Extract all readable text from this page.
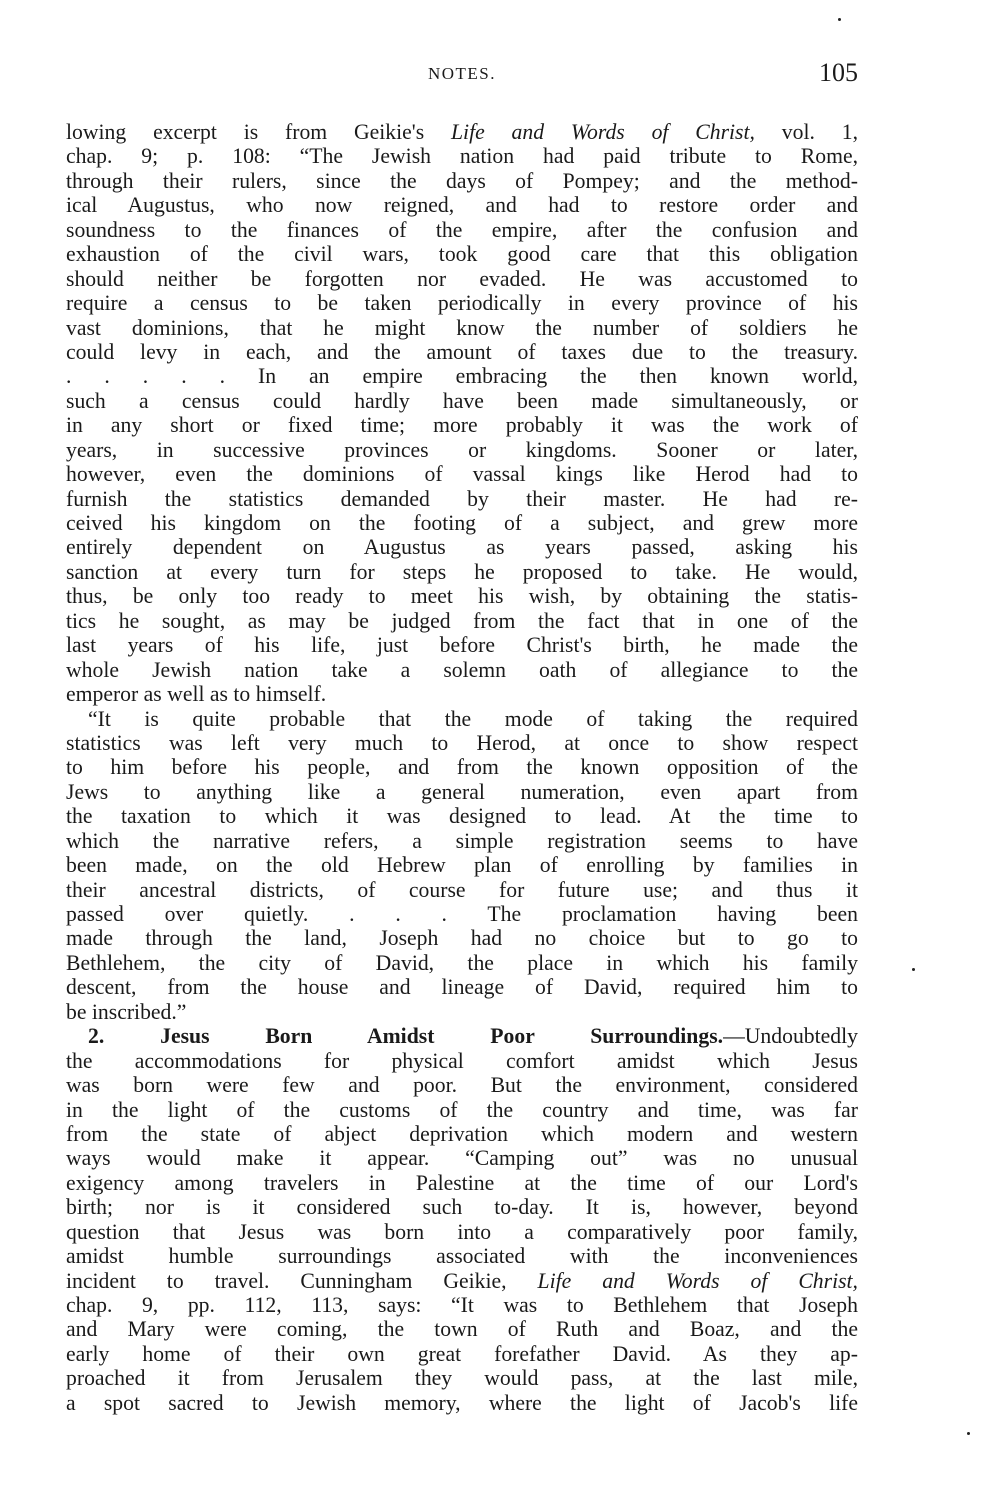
NOTES.	105
lowing excerpt is from Geikie's Life and Words of Christ, vol. 1,
chap. 9; p. 108: “The Jewish nation had paid tribute to Rome,
through their rulers, since the days of Pompey; and the method-
ical Augustus, who now reigned, and had to restore order and
soundness to the finances of the empire, after the confusion and
exhaustion of the civil wars, took good care that this obligation
should neither be forgotten nor evaded. He was accustomed to
require a census to be taken periodically in every province of his
vast dominions, that he might know the number of soldiers he
could levy in each, and the amount of taxes due to the treasury.
. . . . . In an empire embracing the then known world,
such a census could hardly have been made simultaneously, or
in any short or fixed time; more probably it was the work of
years, in successive provinces or kingdoms. Sooner or later,
however, even the dominions of vassal kings like Herod had to
furnish the statistics demanded by their master. He had re-
ceived his kingdom on the footing of a subject, and grew more
entirely dependent on Augustus as years passed, asking his
sanction at every turn for steps he proposed to take. He would,
thus, be only too ready to meet his wish, by obtaining the statis-
tics he sought, as may be judged from the fact that in one of the
last years of his life, just before Christ's birth, he made the
whole Jewish nation take a solemn oath of allegiance to the
emperor as well as to himself.
“It is quite probable that the mode of taking the required
statistics was left very much to Herod, at once to show respect
to him before his people, and from the known opposition of the
Jews to anything like a general numeration, even apart from
the taxation to which it was designed to lead. At the time to
which the narrative refers, a simple registration seems to have
been made, on the old Hebrew plan of enrolling by families in
their ancestral districts, of course for future use; and thus it
passed over quietly. . . . The proclamation having been
made through the land, Joseph had no choice but to go to
Bethlehem, the city of David, the place in which his family
descent, from the house and lineage of David, required him to
be inscribed.”
2.	Jesus Born Amidst Poor Surroundings.—Undoubtedly
the accommodations for physical comfort amidst which Jesus
was born were few and poor. But the environment, considered
in the light of the customs of the country and time, was far
from the state of abject deprivation which modern and western
ways would make it appear. “Camping out” was no unusual
exigency among travelers in Palestine at the time of our Lord's
birth; nor is it considered such to-day. It is, however, beyond
question that Jesus was born into a comparatively poor family,
amidst humble surroundings associated with the inconveniences
incident to travel. Cunningham Geikie, Life and Words of Christ,
chap. 9, pp. 112, 113, says: “It was to Bethlehem that Joseph
and Mary were coming, the town of Ruth and Boaz, and the
early home of their own great forefather David. As they ap-
proached it from Jerusalem they would pass, at the last mile,
a spot sacred to Jewish memory, where the light of Jacob's life
